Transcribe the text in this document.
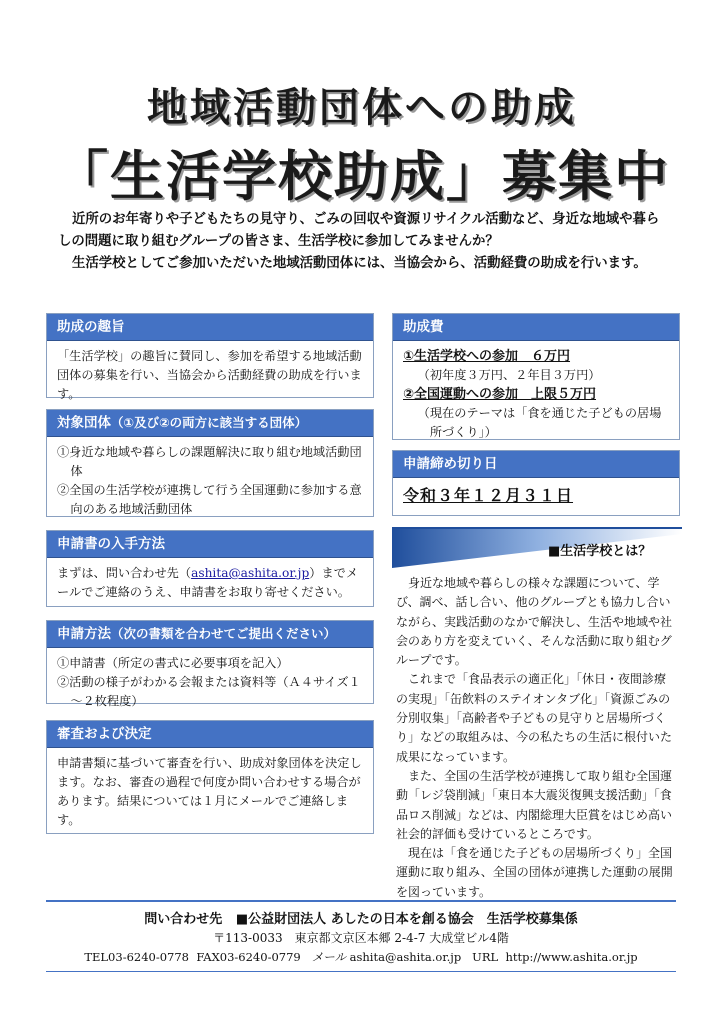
地域活動団体への助成
「生活学校助成」募集中

近所のお年寄りや子どもたちの見守り、ごみの回収や資源リサイクル活動など、身近な地域や暮らしの問題に取り組むグループの皆さま、生活学校に参加してみませんか？

生活学校としてご参加いただいた地域活動団体には、当協会から、活動経費の助成を行います。

助成の趣旨

「生活学校」の趣旨に賛同し、参加を希望する地域活動団体の募集を行い、当協会から活動経費の助成を行います。

対象団体（①及び②の両方に該当する団体）

①身近な地域や暮らしの課題解決に取り組む地域活動団体

②全国の生活学校が連携して行う全国運動に参加する意向のある地域活動団体

申請書の入手方法

まずは、問い合わせ先（ashita@ashita.or.jp）までメールでご連絡のうえ、申請書をお取り寄せください。

申請方法（次の書類を合わせてご提出ください）

①申請書（所定の書式に必要事項を記入）

②活動の様子がわかる会報または資料等（Ａ４サイズ１～２枚程度）

審査および決定

申請書類に基づいて審査を行い、助成対象団体を決定します。なお、審査の過程で何度か問い合わせする場合があります。結果については１月にメールでご連絡します。

助成費

①生活学校への参加　６万円

（初年度３万円、２年目３万円）

②全国運動への参加　上限５万円

（現在のテーマは「食を通じた子どもの居場所づくり」）

申請締め切り日

令和３年１２月３１日

■生活学校とは？

身近な地域や暮らしの様々な課題について、学び、調べ、話し合い、他のグループとも協力し合いながら、実践活動のなかで解決し、生活や地域や社会のあり方を変えていく、そんな活動に取り組むグループです。

これまで「食品表示の適正化」「休日・夜間診療の実現」「缶飲料のステイオンタブ化」「資源ごみの分別収集」「高齢者や子どもの見守りと居場所づくり」などの取組みは、今の私たちの生活に根付いた成果になっています。

また、全国の生活学校が連携して取り組む全国運動「レジ袋削減」「東日本大震災復興支援活動」「食品ロス削減」などは、内閣総理大臣賞をはじめ高い社会的評価も受けているところです。

現在は「食を通じた子どもの居場所づくり」全国運動に取り組み、全国の団体が連携した運動の展開を図っています。

問い合わせ先 ■公益財団法人 あしたの日本を創る協会　生活学校募集係
〒113-0033　東京都文京区本郷 2-4-7 大成堂ビル4階
TEL03-6240-0778 FAX03-6240-0779 メール ashita@ashita.or.jp URL http://www.ashita.or.jp
